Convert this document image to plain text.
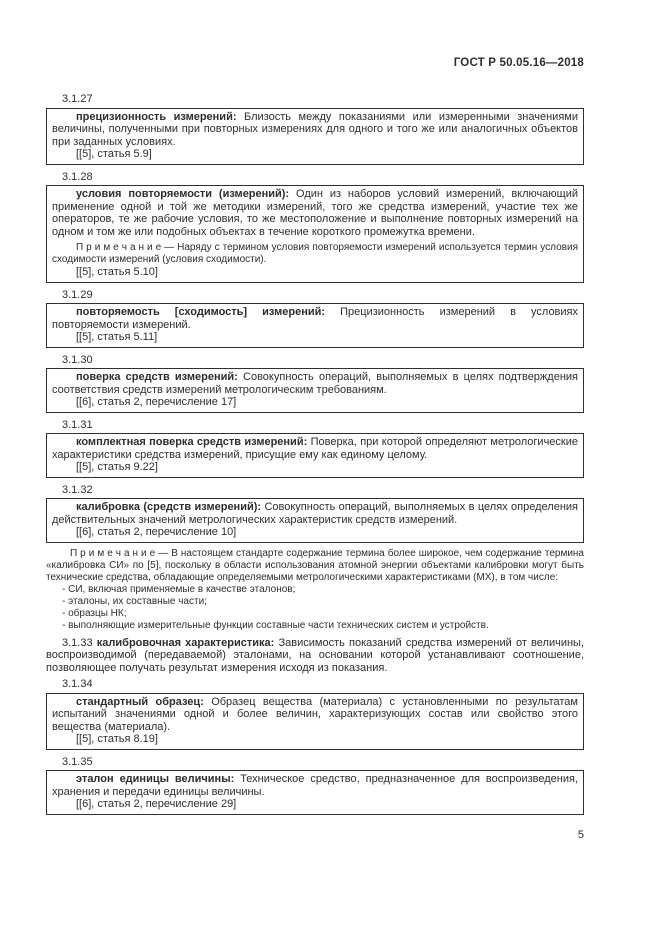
ГОСТ Р 50.05.16—2018

3.1.27

прецизионность измерений: Близость между показаниями или измеренными значениями величины, полученными при повторных измерениях для одного и того же или аналогичных объектов при заданных условиях.

[[5], статья 5.9]

3.1.28

условия повторяемости (измерений): Один из наборов условий измерений, включающий применение одной и той же методики измерений, того же средства измерений, участие тех же операторов, те же рабочие условия, то же местоположение и выполнение повторных измерений на одном и том же или подобных объектах в течение короткого промежутка времени.

П р и м е ч а н и е — Наряду с термином условия повторяемости измерений используется термин условия сходимости измерений (условия сходимости).

[[5], статья 5.10]

3.1.29

повторяемость [сходимость] измерений: Прецизионность измерений в условиях повторяемости измерений.

[[5], статья 5.11]

3.1.30

поверка средств измерений: Совокупность операций, выполняемых в целях подтверждения соответствия средств измерений метрологическим требованиям.

[[6], статья 2, перечисление 17]

3.1.31

комплектная поверка средств измерений: Поверка, при которой определяют метрологические характеристики средства измерений, присущие ему как единому целому.

[[5], статья 9.22]

3.1.32

калибровка (средств измерений): Совокупность операций, выполняемых в целях определения действительных значений метрологических характеристик средств измерений.

[[6], статья 2, перечисление 10]

П р и м е ч а н и е — В настоящем стандарте содержание термина более широкое, чем содержание термина «калибровка СИ» по [5], поскольку в области использования атомной энергии объектами калибровки могут быть технические средства, обладающие определяемыми метрологическими характеристиками (МХ), в том числе:

- СИ, включая применяемые в качестве эталонов;

- эталоны, их составные части;

- образцы НК;

- выполняющие измерительные функции составные части технических систем и устройств.

3.1.33 калибровочная характеристика: Зависимость показаний средства измерений от величины, воспроизводимой (передаваемой) эталонами, на основании которой устанавливают соотношение, позволяющее получать результат измерения исходя из показания.

3.1.34

стандартный образец: Образец вещества (материала) с установленными по результатам испытаний значениями одной и более величин, характеризующих состав или свойство этого вещества (материала).

[[5], статья 8.19]

3.1.35

эталон единицы величины: Техническое средство, предназначенное для воспроизведения, хранения и передачи единицы величины.

[[6], статья 2, перечисление 29]

5
